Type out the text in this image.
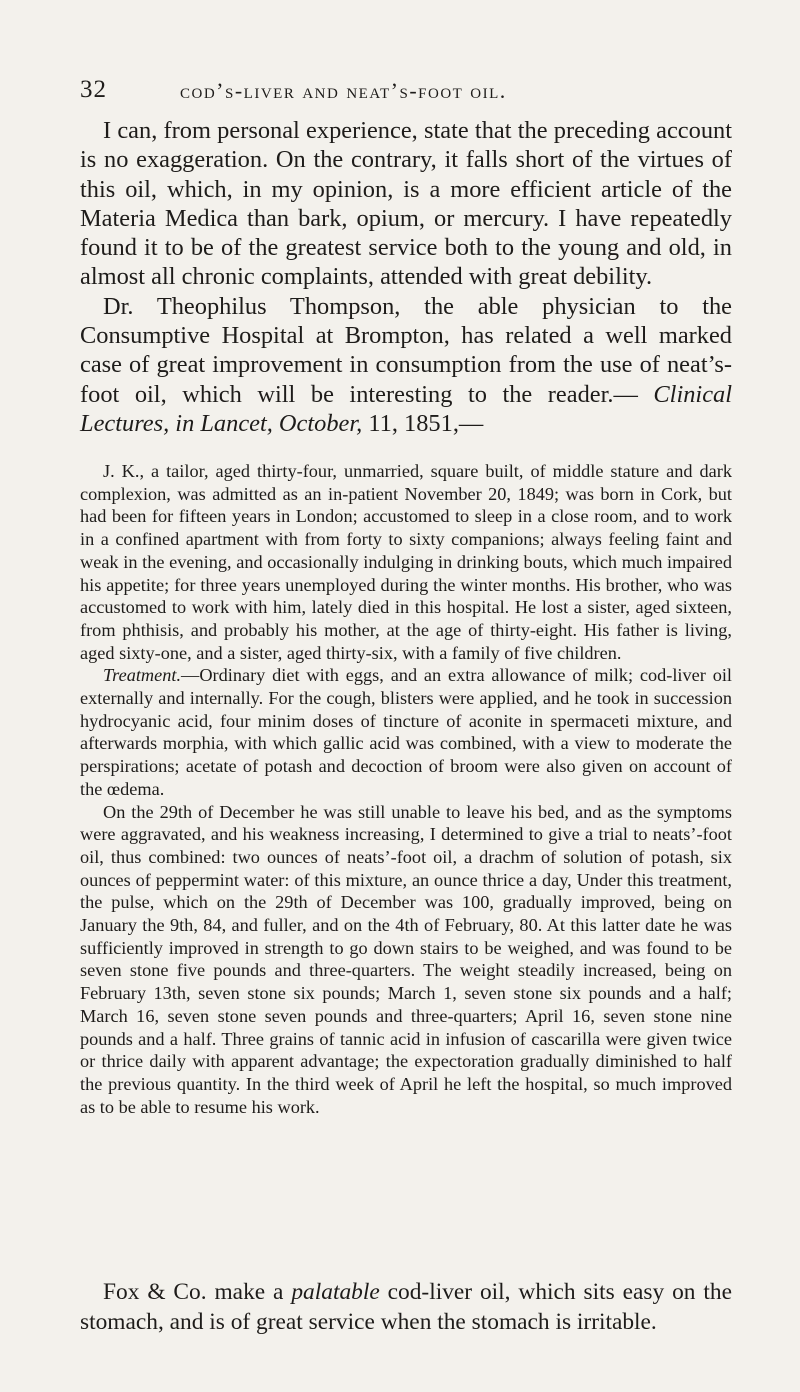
32	cod’s-liver and neat’s-foot oil.

I can, from personal experience, state that the preceding account is no exaggeration. On the contrary, it falls short of the virtues of this oil, which, in my opinion, is a more efficient article of the Materia Medica than bark, opium, or mercury. I have repeatedly found it to be of the greatest service both to the young and old, in almost all chronic complaints, attended with great debility.

Dr. Theophilus Thompson, the able physician to the Consumptive Hospital at Brompton, has related a well marked case of great improvement in consumption from the use of neat’s-foot oil, which will be interesting to the reader.— Clinical Lectures, in Lancet, October, 11, 1851,—

J. K., a tailor, aged thirty-four, unmarried, square built, of middle stature and dark complexion, was admitted as an in-patient November 20, 1849; was born in Cork, but had been for fifteen years in London; accustomed to sleep in a close room, and to work in a confined apartment with from forty to sixty companions; always feeling faint and weak in the evening, and occasionally indulging in drinking bouts, which much impaired his appetite; for three years unemployed during the winter months. His brother, who was accustomed to work with him, lately died in this hospital. He lost a sister, aged sixteen, from phthisis, and probably his mother, at the age of thirty-eight. His father is living, aged sixty-one, and a sister, aged thirty-six, with a family of five children.

Treatment.—Ordinary diet with eggs, and an extra allowance of milk; cod-liver oil externally and internally. For the cough, blisters were applied, and he took in succession hydrocyanic acid, four minim doses of tincture of aconite in spermaceti mixture, and afterwards morphia, with which gallic acid was combined, with a view to moderate the perspirations; acetate of potash and decoction of broom were also given on account of the œdema.

On the 29th of December he was still unable to leave his bed, and as the symptoms were aggravated, and his weakness increasing, I determined to give a trial to neats’-foot oil, thus combined: two ounces of neats’-foot oil, a drachm of solution of potash, six ounces of peppermint water: of this mixture, an ounce thrice a day, Under this treatment, the pulse, which on the 29th of December was 100, gradually improved, being on January the 9th, 84, and fuller, and on the 4th of February, 80. At this latter date he was sufficiently improved in strength to go down stairs to be weighed, and was found to be seven stone five pounds and three-quarters. The weight steadily increased, being on February 13th, seven stone six pounds; March 1, seven stone six pounds and a half; March 16, seven stone seven pounds and three-quarters; April 16, seven stone nine pounds and a half. Three grains of tannic acid in infusion of cascarilla were given twice or thrice daily with apparent advantage; the expectoration gradually diminished to half the previous quantity. In the third week of April he left the hospital, so much improved as to be able to resume his work.

Fox & Co. make a palatable cod-liver oil, which sits easy on the stomach, and is of great service when the stomach is irritable.
